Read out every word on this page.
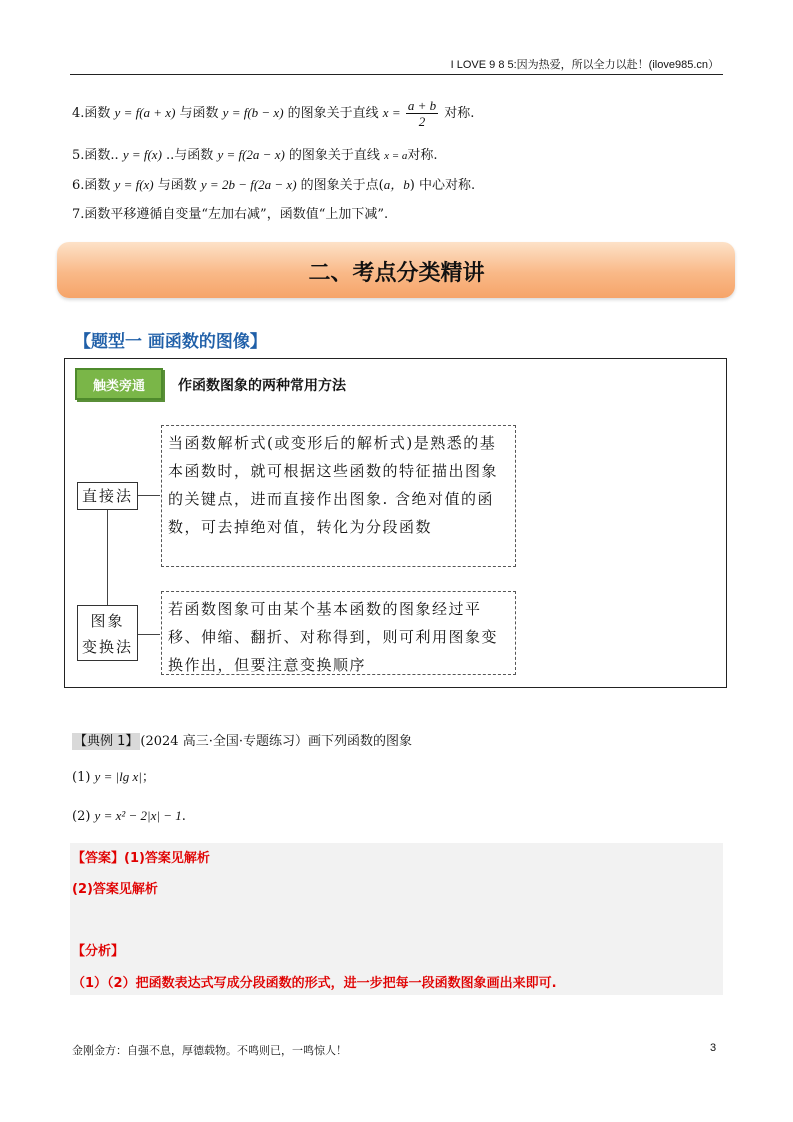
I LOVE 9 8 5:因为热爱，所以全力以赴！(ilove985.cn）
4.函数 y = f(a + x) 与函数 y = f(b − x) 的图象关于直线 $x = \frac{a + b}{2}$ 对称.
5.函数.. y = f(x) ..与函数 y = f(2a − x) 的图象关于直线 x = a对称.
6.函数 y = f(x) 与函数 y = 2b − f(2a − x) 的图象关于点(a，b) 中心对称.
7.函数平移遵循自变量“左加右减”，函数值“上加下减”.
二、考点分类精讲
【题型一 画函数的图像】
触类旁通	作函数图象的两种常用方法
直接法
当函数解析式(或变形后的解析式)是熟悉的基本函数时，就可根据这些函数的特征描出图象的关键点，进而直接作出图象. 含绝对值的函数，可去掉绝对值，转化为分段函数
图象
变换法
若函数图象可由某个基本函数的图象经过平移、伸缩、翻折、对称得到，则可利用图象变换作出，但要注意变换顺序
【典例 1】 (2024 高三·全国·专题练习）画下列函数的图象
(1) y = |lg x|；
(2) y = x² − 2|x| − 1.
【答案】(1)答案见解析
(2)答案见解析
【分析】
（1）（2）把函数表达式写成分段函数的形式，进一步把每一段函数图象画出来即可.
金刚金方：自强不息，厚德载物。不鸣则已，一鸣惊人！	3
